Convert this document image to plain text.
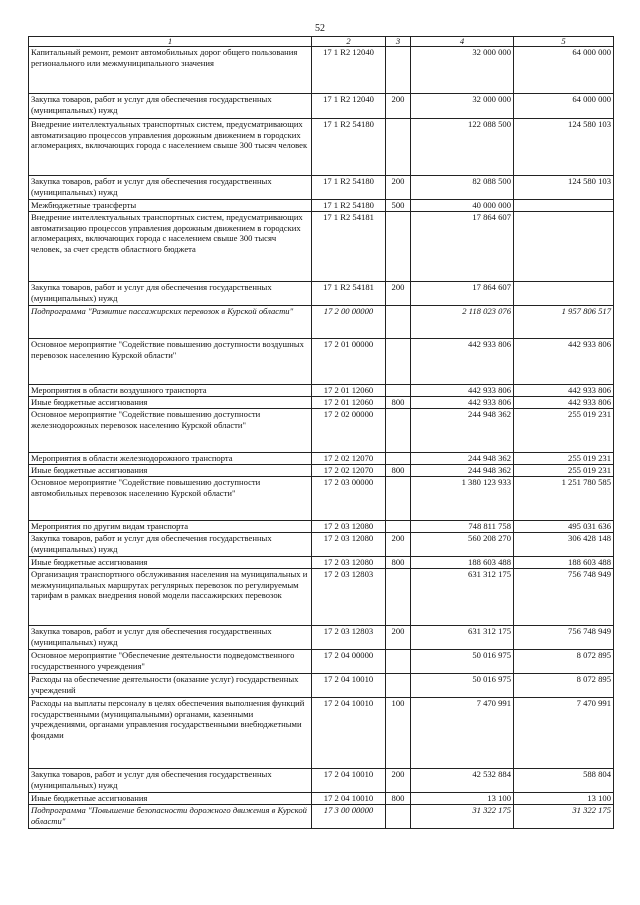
52
1	2	3	4	5
Капитальный ремонт, ремонт автомобильных дорог общего пользования регионального или межмуниципального значения	17 1 R2 12040		32 000 000	64 000 000
Закупка товаров, работ и услуг для обеспечения государственных (муниципальных) нужд	17 1 R2 12040	200	32 000 000	64 000 000
Внедрение интеллектуальных транспортных систем, предусматривающих автоматизацию процессов управления дорожным движением в городских агломерациях, включающих города с населением свыше 300 тысяч человек	17 1 R2 54180		122 088 500	124 580 103
Закупка товаров, работ и услуг для обеспечения государственных (муниципальных) нужд	17 1 R2 54180	200	82 088 500	124 580 103
Межбюджетные трансферты	17 1 R2 54180	500	40 000 000	
Внедрение интеллектуальных транспортных систем, предусматривающих автоматизацию процессов управления дорожным движением в городских агломерациях, включающих города с населением свыше 300 тысяч человек, за счет средств областного бюджета	17 1 R2 54181		17 864 607	
Закупка товаров, работ и услуг для обеспечения государственных (муниципальных) нужд	17 1 R2 54181	200	17 864 607	
Подпрограмма "Развитие пассажирских перевозок в Курской области"	17 2 00 00000		2 118 023 076	1 957 806 517
Основное мероприятие "Содействие повышению доступности воздушных перевозок населению Курской области"	17 2 01 00000		442 933 806	442 933 806
Мероприятия в области воздушного транспорта	17 2 01 12060		442 933 806	442 933 806
Иные бюджетные ассигнования	17 2 01 12060	800	442 933 806	442 933 806
Основное мероприятие "Содействие повышению доступности железнодорожных перевозок населению Курской области"	17 2 02 00000		244 948 362	255 019 231
Мероприятия в области железнодорожного транспорта	17 2 02 12070		244 948 362	255 019 231
Иные бюджетные ассигнования	17 2 02 12070	800	244 948 362	255 019 231
Основное мероприятие "Содействие повышению доступности автомобильных перевозок населению Курской области"	17 2 03 00000		1 380 123 933	1 251 780 585
Мероприятия по другим видам транспорта	17 2 03 12080		748 811 758	495 031 636
Закупка товаров, работ и услуг для обеспечения государственных (муниципальных) нужд	17 2 03 12080	200	560 208 270	306 428 148
Иные бюджетные ассигнования	17 2 03 12080	800	188 603 488	188 603 488
Организация транспортного обслуживания населения на муниципальных и межмуниципальных маршрутах регулярных перевозок по регулируемым тарифам в рамках внедрения новой модели пассажирских перевозок	17 2 03 12803		631 312 175	756 748 949
Закупка товаров, работ и услуг для обеспечения государственных (муниципальных) нужд	17 2 03 12803	200	631 312 175	756 748 949
Основное мероприятие "Обеспечение деятельности подведомственного государственного учреждения"	17 2 04 00000		50 016 975	8 072 895
Расходы на обеспечение деятельности (оказание услуг) государственных учреждений	17 2 04 10010		50 016 975	8 072 895
Расходы на выплаты персоналу в целях обеспечения выполнения функций государственными (муниципальными) органами, казенными учреждениями, органами управления государственными внебюджетными фондами	17 2 04 10010	100	7 470 991	7 470 991
Закупка товаров, работ и услуг для обеспечения государственных (муниципальных) нужд	17 2 04 10010	200	42 532 884	588 804
Иные бюджетные ассигнования	17 2 04 10010	800	13 100	13 100
Подпрограмма "Повышение безопасности дорожного движения в Курской области"	17 3 00 00000		31 322 175	31 322 175
